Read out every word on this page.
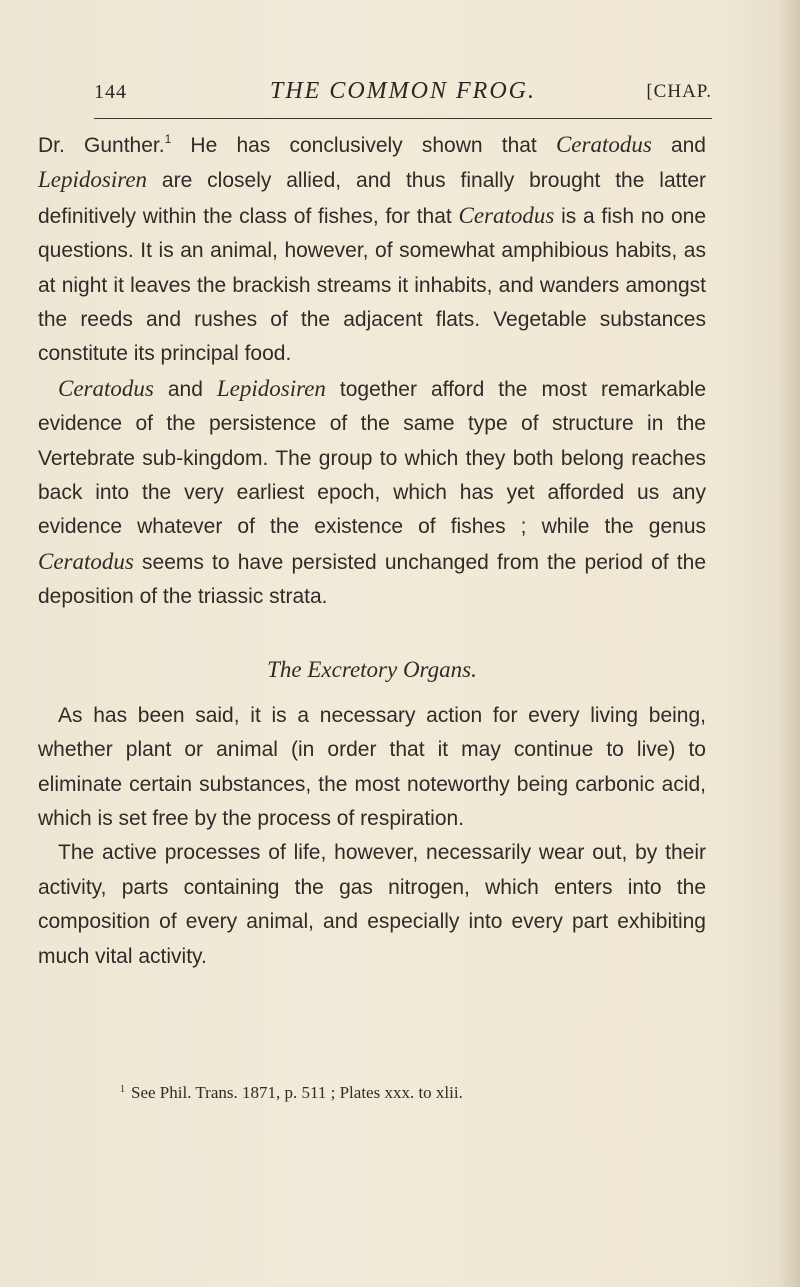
144	THE COMMON FROG.	[CHAP.

Dr. Gunther.$^1$ He has conclusively shown that Ceratodus and Lepidosiren are closely allied, and thus finally brought the latter definitively within the class of fishes, for that Ceratodus is a fish no one questions. It is an animal, however, of somewhat amphibious habits, as at night it leaves the brackish streams it inhabits, and wanders amongst the reeds and rushes of the adjacent flats. Vegetable substances constitute its principal food.

Ceratodus and Lepidosiren together afford the most remarkable evidence of the persistence of the same type of structure in the Vertebrate sub-kingdom. The group to which they both belong reaches back into the very earliest epoch, which has yet afforded us any evidence whatever of the existence of fishes ; while the genus Ceratodus seems to have persisted unchanged from the period of the deposition of the triassic strata.

The Excretory Organs.

As has been said, it is a necessary action for every living being, whether plant or animal (in order that it may continue to live) to eliminate certain substances, the most noteworthy being carbonic acid, which is set free by the process of respiration.

The active processes of life, however, necessarily wear out, by their activity, parts containing the gas nitrogen, which enters into the composition of every animal, and especially into every part exhibiting much vital activity.

$^1$ See Phil. Trans. 1871, p. 511 ; Plates xxx. to xlii.
